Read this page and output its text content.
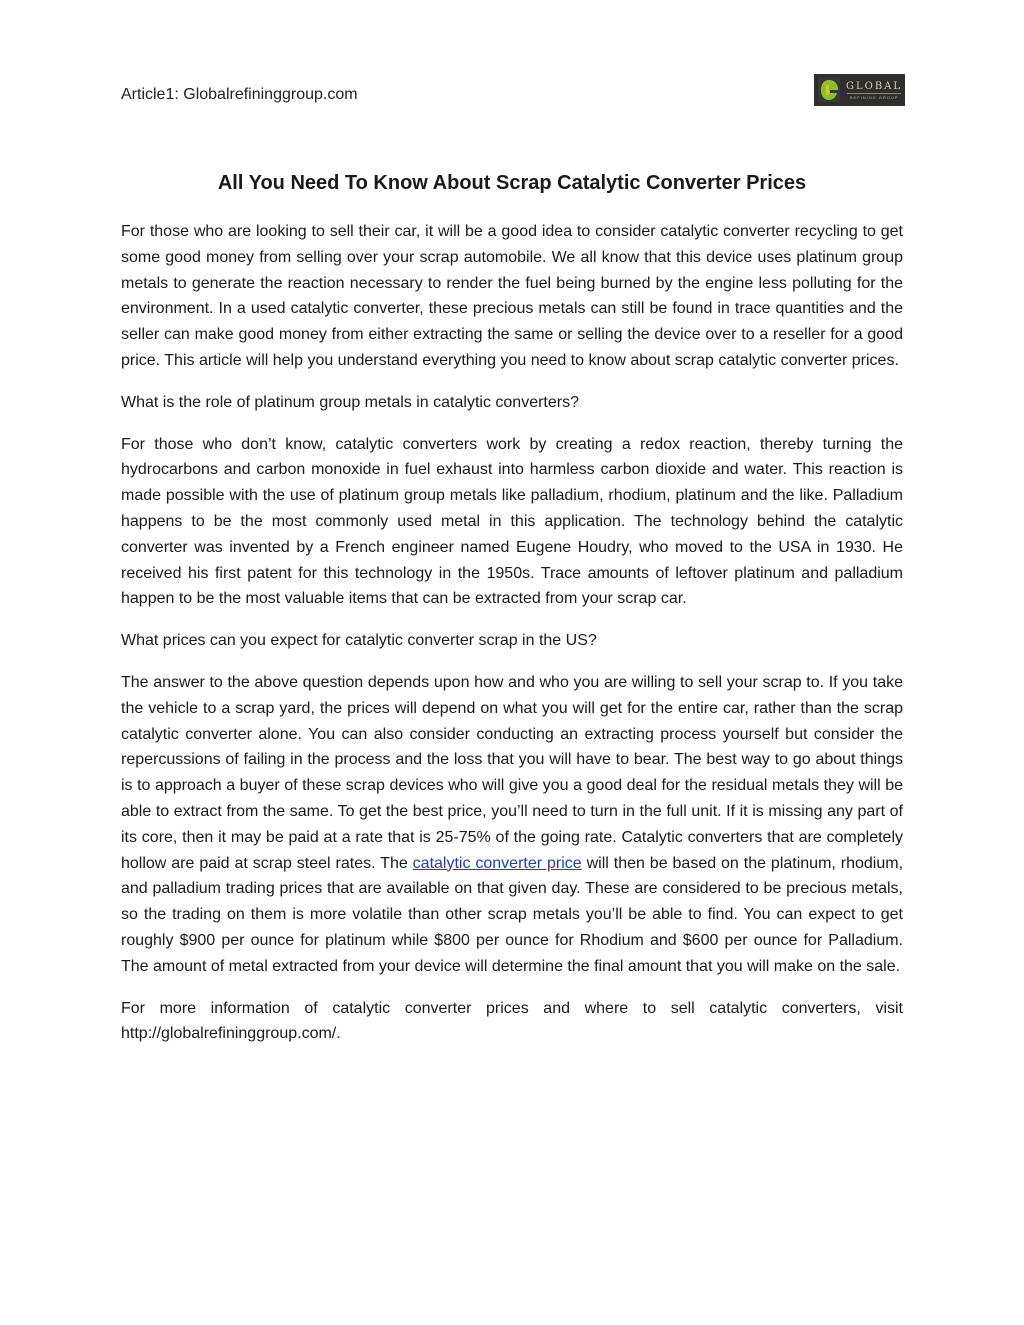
Article1: Globalrefininggroup.com	GLOBAL
REFINING GROUP
All You Need To Know About Scrap Catalytic Converter Prices

For those who are looking to sell their car, it will be a good idea to consider catalytic converter recycling to get some good money from selling over your scrap automobile. We all know that this device uses platinum group metals to generate the reaction necessary to render the fuel being burned by the engine less polluting for the environment. In a used catalytic converter, these precious metals can still be found in trace quantities and the seller can make good money from either extracting the same or selling the device over to a reseller for a good price. This article will help you understand everything you need to know about scrap catalytic converter prices.

What is the role of platinum group metals in catalytic converters?

For those who don’t know, catalytic converters work by creating a redox reaction, thereby turning the hydrocarbons and carbon monoxide in fuel exhaust into harmless carbon dioxide and water. This reaction is made possible with the use of platinum group metals like palladium, rhodium, platinum and the like. Palladium happens to be the most commonly used metal in this application. The technology behind the catalytic converter was invented by a French engineer named Eugene Houdry, who moved to the USA in 1930. He received his first patent for this technology in the 1950s. Trace amounts of leftover platinum and palladium happen to be the most valuable items that can be extracted from your scrap car.

What prices can you expect for catalytic converter scrap in the US?

The answer to the above question depends upon how and who you are willing to sell your scrap to. If you take the vehicle to a scrap yard, the prices will depend on what you will get for the entire car, rather than the scrap catalytic converter alone. You can also consider conducting an extracting process yourself but consider the repercussions of failing in the process and the loss that you will have to bear. The best way to go about things is to approach a buyer of these scrap devices who will give you a good deal for the residual metals they will be able to extract from the same. To get the best price, you’ll need to turn in the full unit. If it is missing any part of its core, then it may be paid at a rate that is 25-75% of the going rate. Catalytic converters that are completely hollow are paid at scrap steel rates. The catalytic converter price will then be based on the platinum, rhodium, and palladium trading prices that are available on that given day. These are considered to be precious metals, so the trading on them is more volatile than other scrap metals you’ll be able to find. You can expect to get roughly $900 per ounce for platinum while $800 per ounce for Rhodium and $600 per ounce for Palladium. The amount of metal extracted from your device will determine the final amount that you will make on the sale.

For more information of catalytic converter prices and where to sell catalytic converters, visit http://globalrefininggroup.com/.
